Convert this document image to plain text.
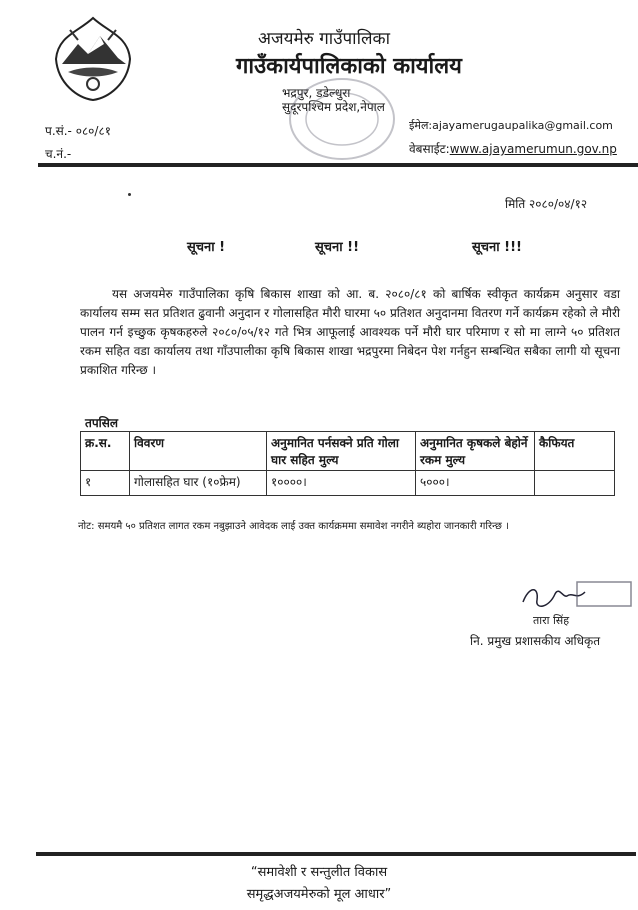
अजयमेरु गाउँपालिका
गाउँकार्यपालिकाको कार्यालय
भद्रपुर, डडेल्धुरा
सुदूरपश्चिम प्रदेश,नेपाल
प.सं.- ०८०/८१
च.नं.-
ईमेल:ajayamerugaupalika@gmail.com
वेबसाईट:www.ajayamerumun.gov.np
मिति २०८०/०४/१२
सूचना !	सूचना !!	सूचना !!!
यस अजयमेरु गाउँपालिका कृषि बिकास शाखा को आ. ब. २०८०/८१ को बार्षिक स्वीकृत कार्यक्रम अनुसार वडा कार्यालय सम्म सत प्रतिशत ढुवानी अनुदान र गोलासहित मौरी घारमा ५० प्रतिशत अनुदानमा वितरण गर्ने कार्यक्रम रहेको ले मौरी पालन गर्न इच्छुक कृषकहरुले २०८०/०५/१२ गते भित्र आफूलाई आवश्यक पर्ने मौरी घार परिमाण र सो मा लाग्ने ५० प्रतिशत रकम सहित वडा कार्यालय तथा गाँउपालीका कृषि बिकास शाखा भद्रपुरमा निबेदन पेश गर्नहुन सम्बन्धित सबैका लागी यो सूचना प्रकाशित गरिन्छ ।
तपसिल
क्र.स.	विवरण	अनुमानित पर्नसक्ने प्रति गोला घार सहित मुल्य	अनुमानित कृषकले बेहोर्ने रकम मुल्य	कैफियत
१	गोलासहित घार (१०फ्रेम)	१००००।	५०००।	
नोट: समयमै ५० प्रतिशत लागत रकम नबुझाउने आवेदक लाई उक्त कार्यक्रममा समावेश नगरीने ब्यहोरा जानकारी गरिन्छ ।
तारा सिंह
नि. प्रमुख प्रशासकीय अधिकृत
“समावेशी र सन्तुलीत विकास
समृद्धअजयमेरुको मूल आधार”
